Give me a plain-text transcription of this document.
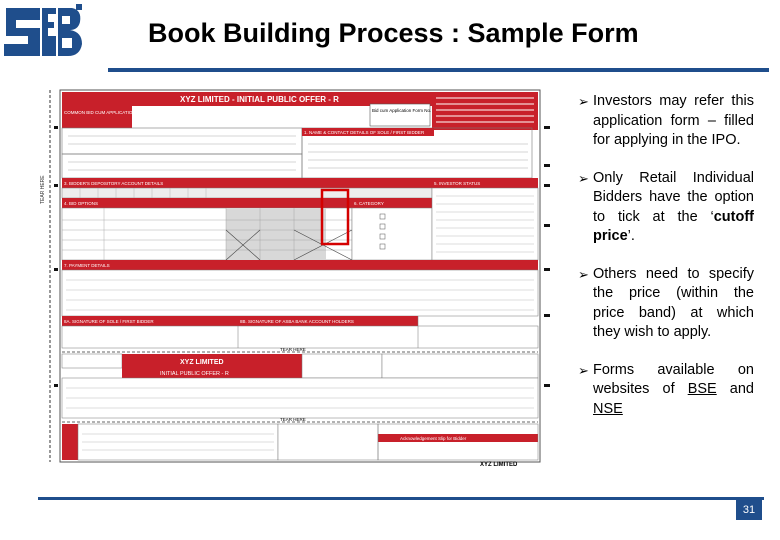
Book Building Process : Sample Form
TEAR HERE
XYZ LIMITED - INITIAL PUBLIC OFFER - R
COMMON BID CUM APPLICATION FORM
1. NAME & CONTACT DETAILS OF SOLE / FIRST BIDDER
Bid cum Application Form No.
3. BIDDER'S DEPOSITORY ACCOUNT DETAILS	5. INVESTOR STATUS
4. BID OPTIONS	6. CATEGORY
7. PAYMENT DETAILS
8A. SIGNATURE OF SOLE / FIRST BIDDER	8B. SIGNATURE OF ASBA BANK ACCOUNT HOLDERS
TEAR HERE
XYZ LIMITED
INITIAL PUBLIC OFFER - R
TEAR HERE
Acknowledgement Slip for Bidder
XYZ LIMITED
➢ Investors may refer this application form – filled for applying in the IPO.
➢ Only Retail Individual Bidders have the option to tick at the ‘cutoff price’.
➢ Others need to specify the price (within the price band) at which they wish to apply.
➢ Forms available on websites of BSE and NSE
31
